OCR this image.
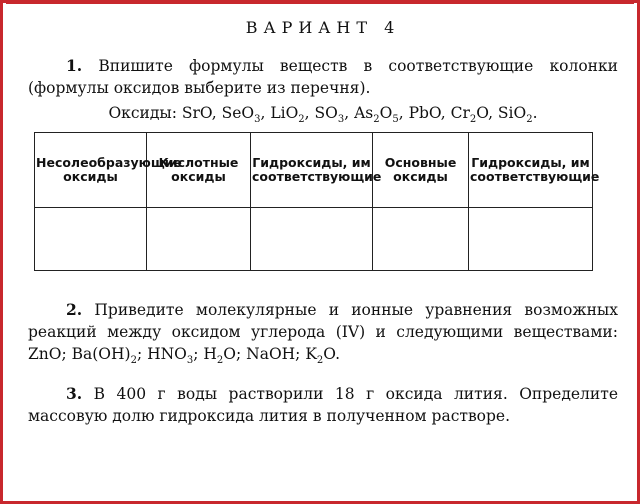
ВАРИАНТ 4

1. Впишите формулы веществ в соответствующие колонки (формулы оксидов выберите из перечня).

Оксиды: SrO, SeO$_3$, LiO$_2$, $SO_3$, $As_2O_5$, PbO, $Cr_2O$, SiO$_2$.
Несолеобразующие оксиды	Кислотные оксиды	Гидроксиды, им соответствующие	Основные оксиды	Гидроксиды, им соответствующие

2. Приведите молекулярные и ионные уравнения возможных реакций между оксидом углерода (IV) и следующими веществами: ZnO; $Ba(OH)_2$; $HNO_3$; $H_2O$; NaOH; $K_2O$.

3. В 400 г воды растворили 18 г оксида лития. Определите массовую долю гидроксида лития в полученном растворе.
